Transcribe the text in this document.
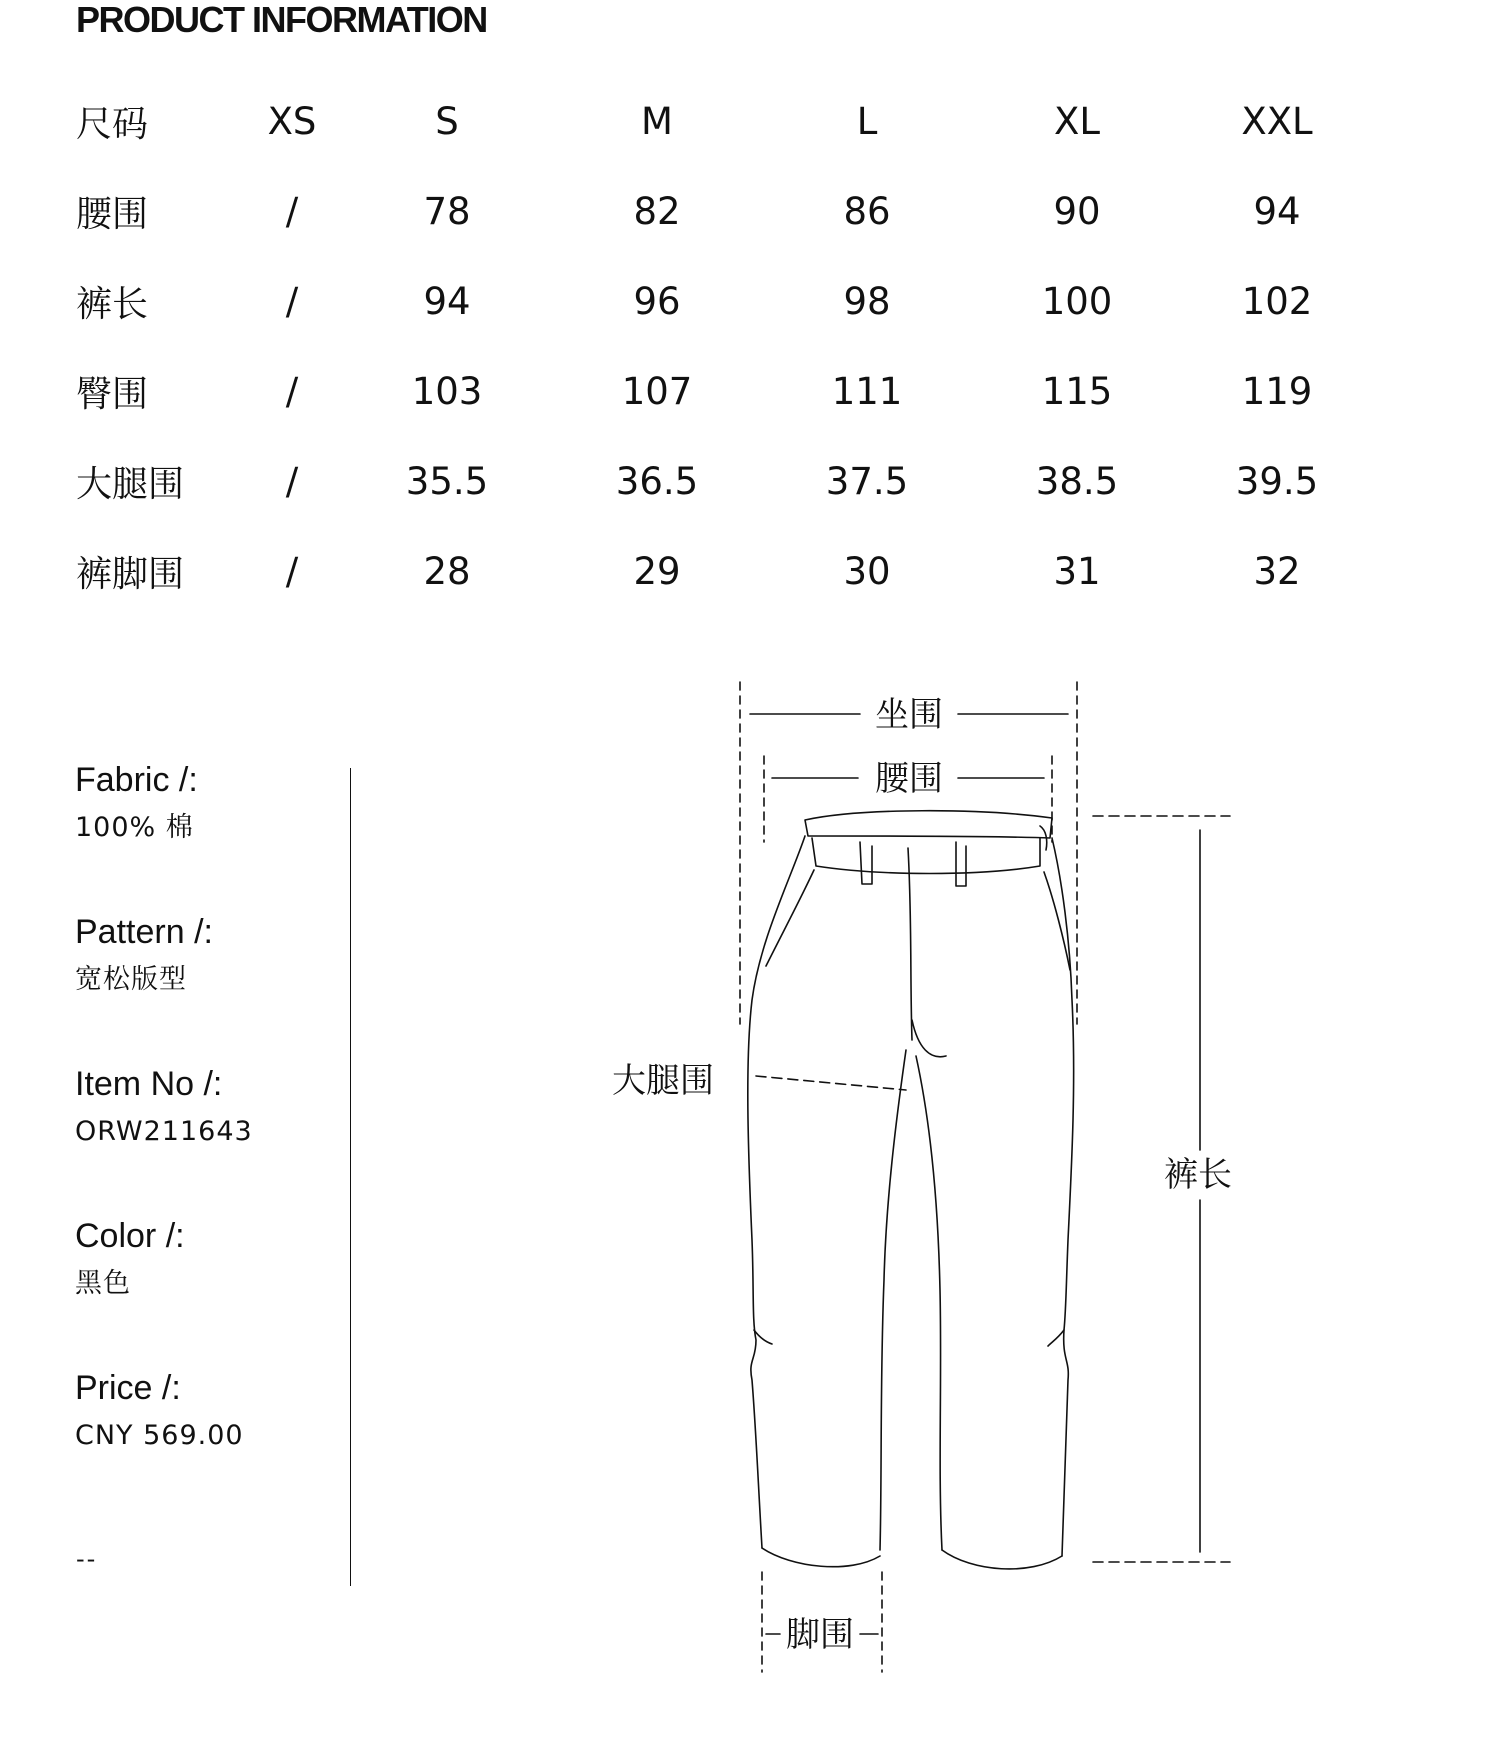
PRODUCT INFORMATION
尺码	XS	S	M	L	XL	XXL
腰围	/	78	82	86	90	94
裤长	/	94	96	98	100	102
臀围	/	103	107	111	115	119
大腿围	/	35.5	36.5	37.5	38.5	39.5
裤脚围	/	28	29	30	31	32
Fabric /:
100% 棉
Pattern /:
宽松版型
Item No /:
ORW211643
Color /:
黑色
Price /:
CNY 569.00
--
坐围
腰围
大腿围
裤长
脚围
